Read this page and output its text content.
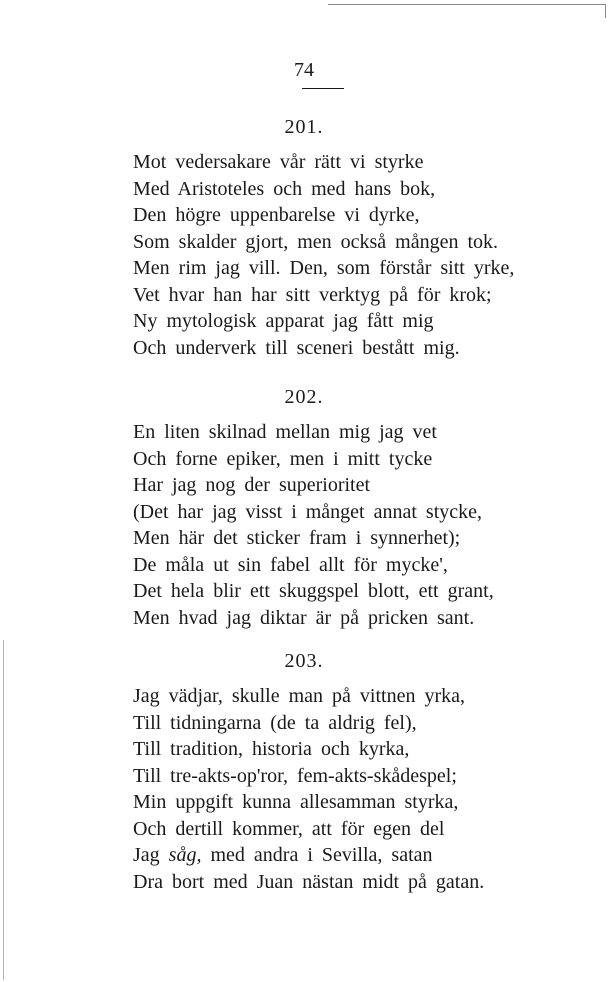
74
201.
Mot vedersakare vår rätt vi styrke
Med Aristoteles och med hans bok,
Den högre uppenbarelse vi dyrke,
Som skalder gjort, men också mången tok.
Men rim jag vill. Den, som förstår sitt yrke,
Vet hvar han har sitt verktyg på för krok;
Ny mytologisk apparat jag fått mig
Och underverk till sceneri bestått mig.
202.
En liten skilnad mellan mig jag vet
Och forne epiker, men i mitt tycke
Har jag nog der superioritet
(Det har jag visst i månget annat stycke,
Men här det sticker fram i synnerhet);
De måla ut sin fabel allt för mycke',
Det hela blir ett skuggspel blott, ett grant,
Men hvad jag diktar är på pricken sant.
203.
Jag vädjar, skulle man på vittnen yrka,
Till tidningarna (de ta aldrig fel),
Till tradition, historia och kyrka,
Till tre-akts-op'ror, fem-akts-skådespel;
Min uppgift kunna allesamman styrka,
Och dertill kommer, att för egen del
Jag såg, med andra i Sevilla, satan
Dra bort med Juan nästan midt på gatan.
